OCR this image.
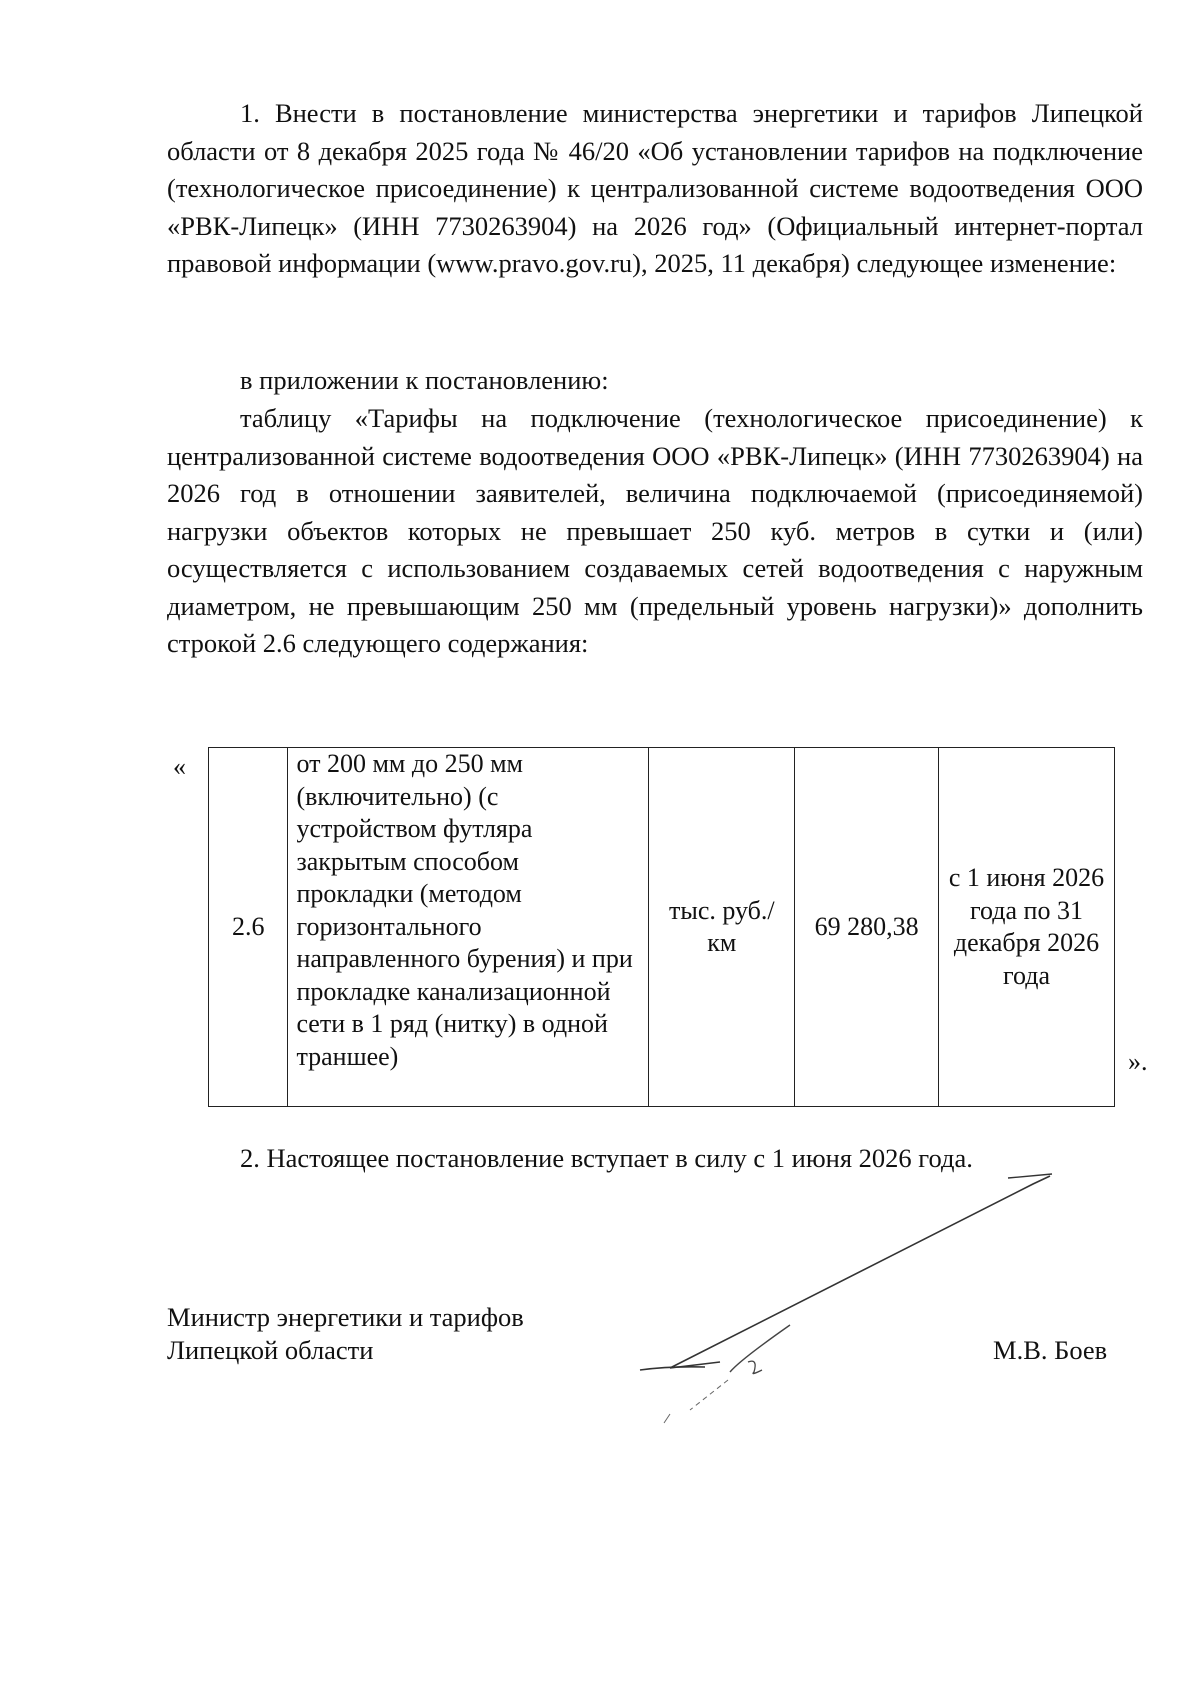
1. Внести в постановление министерства энергетики и тарифов Липецкой области от 8 декабря 2025 года № 46/20 «Об установлении тарифов на подключение (технологическое присоединение) к централизованной системе водоотведения ООО «РВК-Липецк» (ИНН 7730263904) на 2026 год» (Официальный интернет-портал правовой информации (www.pravo.gov.ru), 2025, 11 декабря) следующее изменение:

в приложении к постановлению:

таблицу «Тарифы на подключение (технологическое присоединение) к централизованной системе водоотведения ООО «РВК-Липецк» (ИНН 7730263904) на 2026 год в отношении заявителей, величина подключаемой (присоединяемой) нагрузки объектов которых не превышает 250 куб. метров в сутки и (или) осуществляется с использованием создаваемых сетей водоотведения с наружным диаметром, не превышающим 250 мм (предельный уровень нагрузки)» дополнить строкой 2.6 следующего содержания:

«
2.6	от 200 мм до 250 мм (включительно) (с устройством футляра закрытым способом прокладки (методом горизонтального направленного бурения) и при прокладке канализационной сети в 1 ряд (нитку) в одной траншее)	тыс. руб./км	69 280,38	с 1 июня 2026 года по 31 декабря 2026 года
».

2. Настоящее постановление вступает в силу с 1 июня 2026 года.

Министр энергетики и тарифов
Липецкой области	М.В. Боев
